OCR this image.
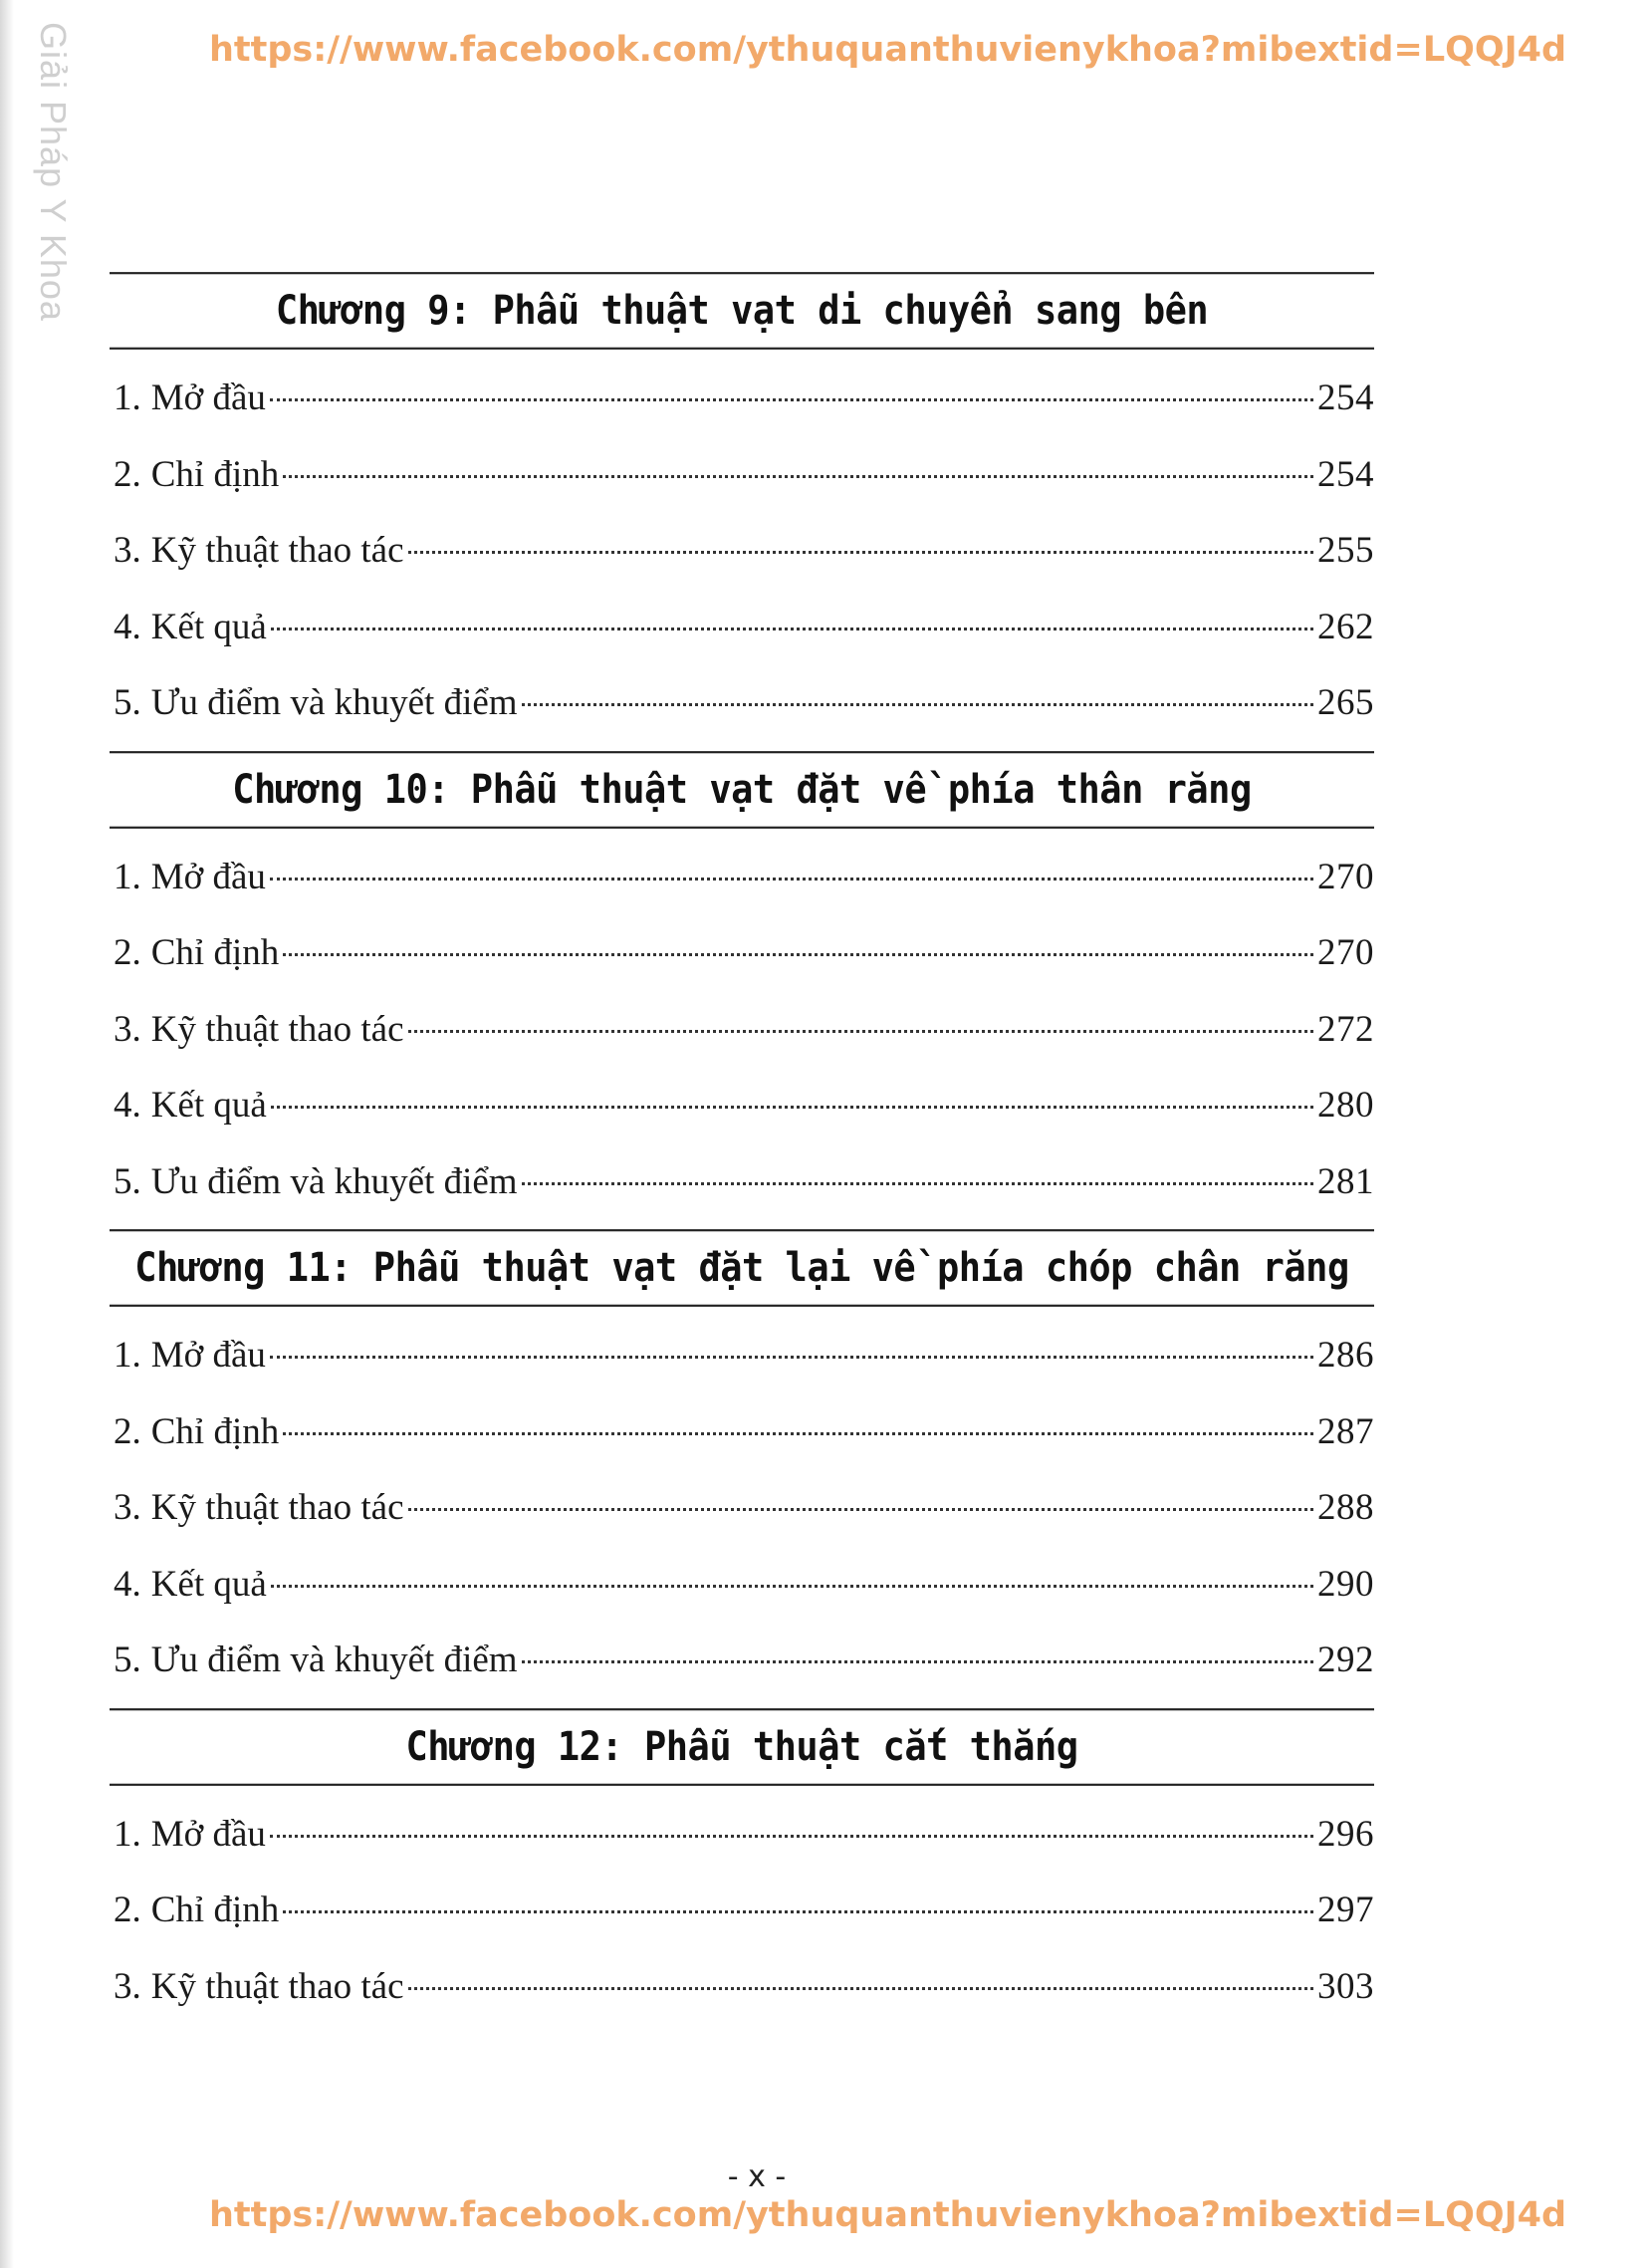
Giải Pháp Y Khoa	https://www.facebook.com/ythuquanthuvienykhoa?mibextid=LQQJ4d
Chương 9: Phẫu thuật vạt di chuyển sang bên
1. Mở đầu	254
2. Chỉ định	254
3. Kỹ thuật thao tác	255
4. Kết quả	262
5. Ưu điểm và khuyết điểm	265
Chương 10: Phẫu thuật vạt đặt về phía thân răng
1. Mở đầu	270
2. Chỉ định	270
3. Kỹ thuật thao tác	272
4. Kết quả	280
5. Ưu điểm và khuyết điểm	281
Chương 11: Phẫu thuật vạt đặt lại về phía chóp chân răng
1. Mở đầu	286
2. Chỉ định	287
3. Kỹ thuật thao tác	288
4. Kết quả	290
5. Ưu điểm và khuyết điểm	292
Chương 12: Phẫu thuật cắt thắng
1. Mở đầu	296
2. Chỉ định	297
3. Kỹ thuật thao tác	303
- x -
https://www.facebook.com/ythuquanthuvienykhoa?mibextid=LQQJ4d
